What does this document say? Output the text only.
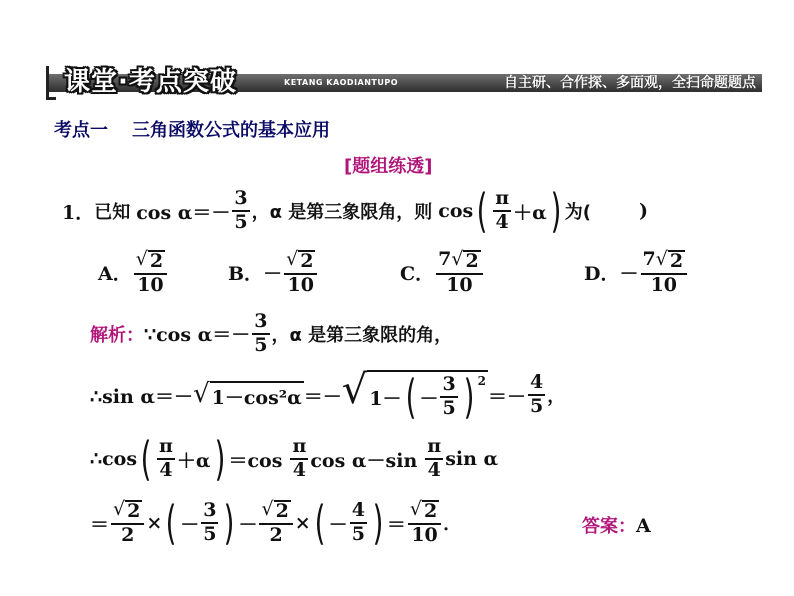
课堂·考点突破	KETANG KAODIANTUPO	自主研、合作探、多面观，全扫命题题点
考点一 三角函数公式的基本应用
[题组练透]
1． 已知 $\cos \alpha=- \frac{3}{5}$ ，α 是第三象限角，则 cos ( $\frac{\pi}{4} +\alpha$ ) 为(	)
A． $\frac{√ 2}{10}$	B． － $\frac{√ 2}{10}$	C． $\frac{7 √ 2}{10}$	D． － $\frac{7 √ 2}{10}$
解析： ∵cos $\alpha=- \frac{3}{5}$ ，α 是第三象限的角，
∴sin α＝－ √ 1－cos²α ＝－ √ 1－ ( － $\frac{3}{5}$ ) $^2$
＝－ $\frac{4}{5}$ ，
∴cos ( $\frac{\pi}{4} +\alpha$ ) $=\cos \frac{\pi}{4}$ $\cos \alpha-\sin \frac{\pi}{4}$ sin α
＝ $\frac{√ 2}{2}$ × ( － $\frac{3}{5}$ ) － $\frac{√ 2}{2}$ × ( － $\frac{4}{5}$ ) ＝ $\frac{√ 2}{10}$ ．	答案：A
